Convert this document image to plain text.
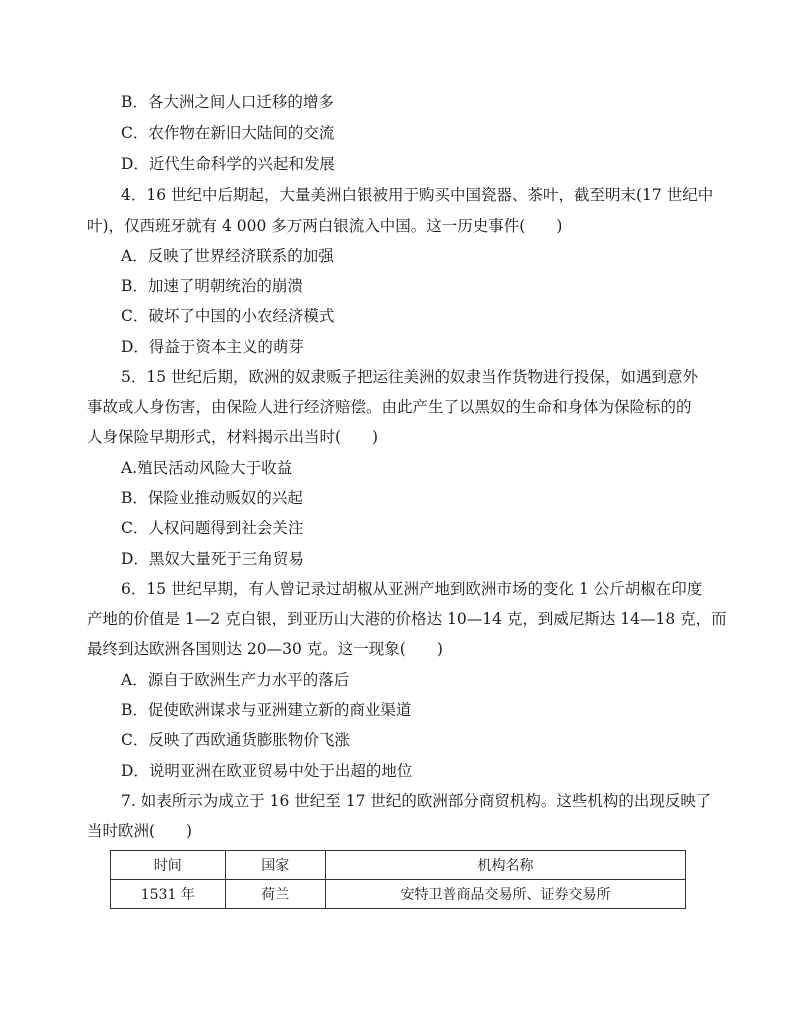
B．各大洲之间人口迁移的增多
C．农作物在新旧大陆间的交流
D．近代生命科学的兴起和发展
4．16 世纪中后期起，大量美洲白银被用于购买中国瓷器、茶叶，截至明末(17 世纪中
叶)，仅西班牙就有 4 000 多万两白银流入中国。这一历史事件(　　)
A．反映了世界经济联系的加强
B．加速了明朝统治的崩溃
C．破坏了中国的小农经济模式
D．得益于资本主义的萌芽
5．15 世纪后期，欧洲的奴隶贩子把运往美洲的奴隶当作货物进行投保，如遇到意外
事故或人身伤害，由保险人进行经济赔偿。由此产生了以黑奴的生命和身体为保险标的的
人身保险早期形式，材料揭示出当时(　　)
A.殖民活动风险大于收益
B．保险业推动贩奴的兴起
C．人权问题得到社会关注
D．黑奴大量死于三角贸易
6．15 世纪早期，有人曾记录过胡椒从亚洲产地到欧洲市场的变化 1 公斤胡椒在印度
产地的价值是 1—2 克白银，到亚历山大港的价格达 10—14 克，到威尼斯达 14—18 克，而
最终到达欧洲各国则达 20—30 克。这一现象(　　)
A．源自于欧洲生产力水平的落后
B．促使欧洲谋求与亚洲建立新的商业渠道
C．反映了西欧通货膨胀物价飞涨
D．说明亚洲在欧亚贸易中处于出超的地位
7. 如表所示为成立于 16 世纪至 17 世纪的欧洲部分商贸机构。这些机构的出现反映了
当时欧洲(　　)
时间	国家	机构名称
1531 年	荷兰	安特卫普商品交易所、证券交易所
